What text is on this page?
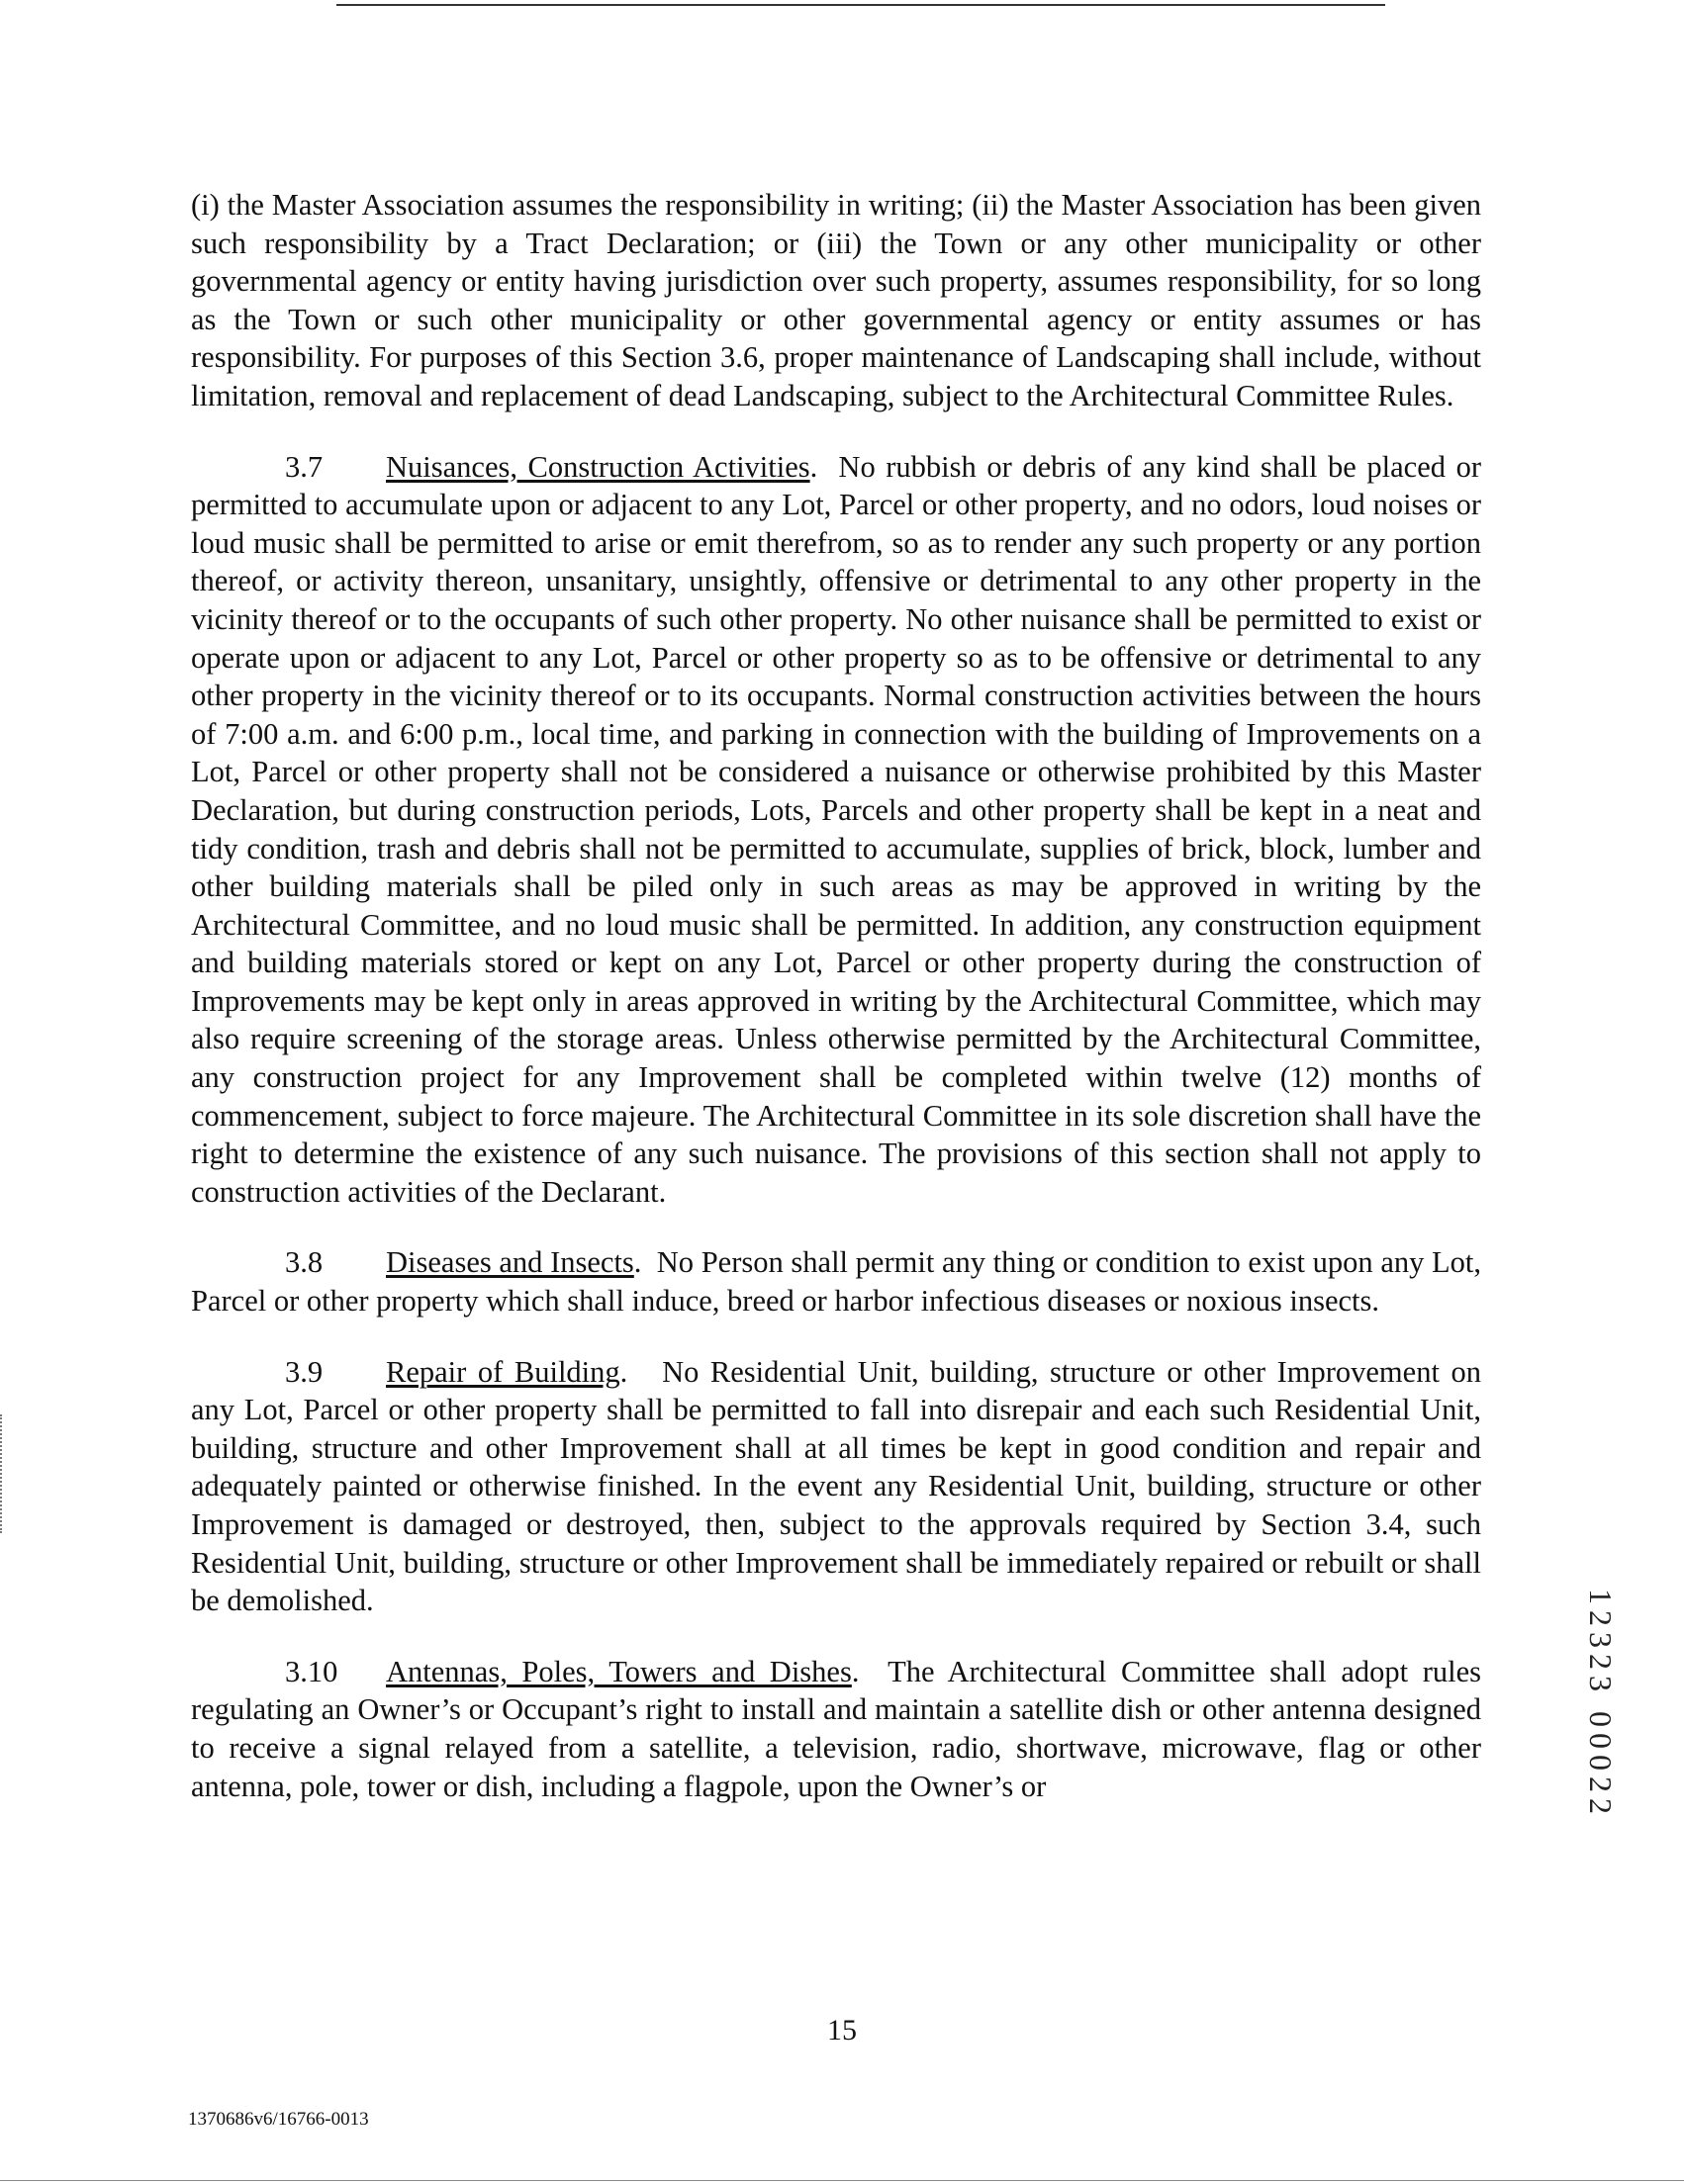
(i) the Master Association assumes the responsibility in writing; (ii) the Master Association has been given such responsibility by a Tract Declaration; or (iii) the Town or any other municipality or other governmental agency or entity having jurisdiction over such property, assumes responsibility, for so long as the Town or such other municipality or other governmental agency or entity assumes or has responsibility. For purposes of this Section 3.6, proper maintenance of Landscaping shall include, without limitation, removal and replacement of dead Landscaping, subject to the Architectural Committee Rules.

3.7 Nuisances, Construction Activities.  No rubbish or debris of any kind shall be placed or permitted to accumulate upon or adjacent to any Lot, Parcel or other property, and no odors, loud noises or loud music shall be permitted to arise or emit therefrom, so as to render any such property or any portion thereof, or activity thereon, unsanitary, unsightly, offensive or detrimental to any other property in the vicinity thereof or to the occupants of such other property. No other nuisance shall be permitted to exist or operate upon or adjacent to any Lot, Parcel or other property so as to be offensive or detrimental to any other property in the vicinity thereof or to its occupants. Normal construction activities between the hours of 7:00 a.m. and 6:00 p.m., local time, and parking in connection with the building of Improvements on a Lot, Parcel or other property shall not be considered a nuisance or otherwise prohibited by this Master Declaration, but during construction periods, Lots, Parcels and other property shall be kept in a neat and tidy condition, trash and debris shall not be permitted to accumulate, supplies of brick, block, lumber and other building materials shall be piled only in such areas as may be approved in writing by the Architectural Committee, and no loud music shall be permitted. In addition, any construction equipment and building materials stored or kept on any Lot, Parcel or other property during the construction of Improvements may be kept only in areas approved in writing by the Architectural Committee, which may also require screening of the storage areas. Unless otherwise permitted by the Architectural Committee, any construction project for any Improvement shall be completed within twelve (12) months of commencement, subject to force majeure. The Architectural Committee in its sole discretion shall have the right to determine the existence of any such nuisance. The provisions of this section shall not apply to construction activities of the Declarant.

3.8 Diseases and Insects.  No Person shall permit any thing or condition to exist upon any Lot, Parcel or other property which shall induce, breed or harbor infectious diseases or noxious insects.

3.9 Repair of Building.   No Residential Unit, building, structure or other Improvement on any Lot, Parcel or other property shall be permitted to fall into disrepair and each such Residential Unit, building, structure and other Improvement shall at all times be kept in good condition and repair and adequately painted or otherwise finished. In the event any Residential Unit, building, structure or other Improvement is damaged or destroyed, then, subject to the approvals required by Section 3.4, such Residential Unit, building, structure or other Improvement shall be immediately repaired or rebuilt or shall be demolished.

3.10 Antennas, Poles, Towers and Dishes.  The Architectural Committee shall adopt rules regulating an Owner’s or Occupant’s right to install and maintain a satellite dish or other antenna designed to receive a signal relayed from a satellite, a television, radio, shortwave, microwave, flag or other antenna, pole, tower or dish, including a flagpole, upon the Owner’s or	12323 00022
15
1370686v6/16766-0013
